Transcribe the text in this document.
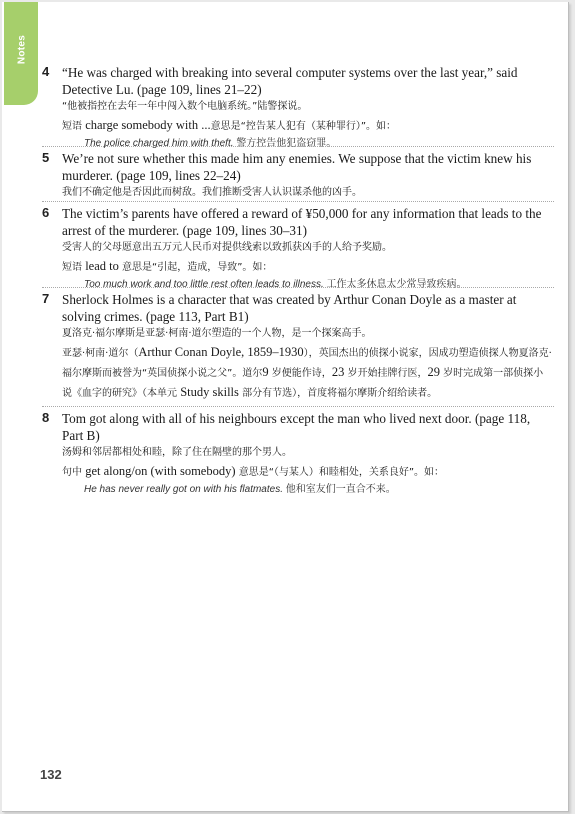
Notes
4 “He was charged with breaking into several computer systems over the last year,” said Detective Lu. (page 109, lines 21–22)
“他被指控在去年一年中闯入数个电脑系统。”陆警探说。
短语 charge somebody with ...意思是“控告某人犯有（某种罪行）”。如：
The police charged him with theft. 警方控告他犯盗窃罪。
5 We’re not sure whether this made him any enemies. We suppose that the victim knew his murderer. (page 109, lines 22–24)
我们不确定他是否因此而树敌。我们推断受害人认识谋杀他的凶手。
6 The victim’s parents have offered a reward of ¥50,000 for any information that leads to the arrest of the murderer. (page 109, lines 30–31)
受害人的父母愿意出五万元人民币对提供线索以致抓获凶手的人给予奖励。
短语 lead to 意思是“引起，造成，导致”。如：
Too much work and too little rest often leads to illness. 工作太多休息太少常导致疾病。
7 Sherlock Holmes is a character that was created by Arthur Conan Doyle as a master at solving crimes. (page 113, Part B1)
夏洛克·福尔摩斯是亚瑟·柯南·道尔塑造的一个人物，是一个探案高手。
亚瑟·柯南·道尔（Arthur Conan Doyle, 1859–1930），英国杰出的侦探小说家，因成功塑造侦探人物夏洛克·福尔摩斯而被誉为“英国侦探小说之父”。道尔9 岁便能作诗，23 岁开始挂牌行医，29 岁时完成第一部侦探小说《血字的研究》（本单元 Study skills 部分有节选），首度将福尔摩斯介绍给读者。
8 Tom got along with all of his neighbours except the man who lived next door. (page 118, Part B)
汤姆和邻居都相处和睦，除了住在隔壁的那个男人。
句中 get along/on (with somebody) 意思是“（与某人）和睦相处，关系良好”。如：
He has never really got on with his flatmates. 他和室友们一直合不来。
132
